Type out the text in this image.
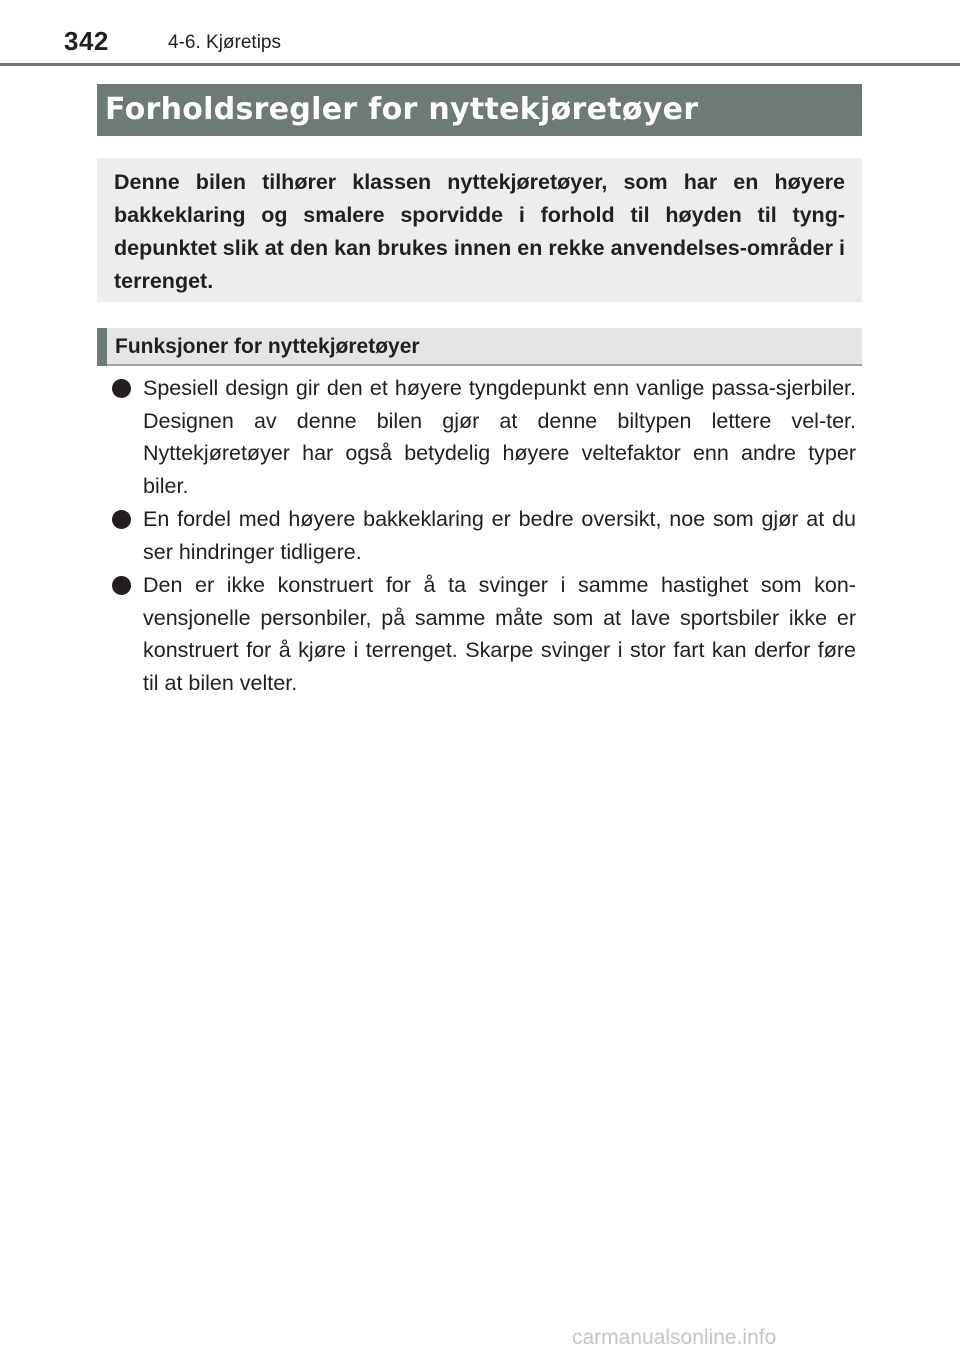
342	4-6. Kjøretips
Forholdsregler for nyttekjøretøyer

Denne bilen tilhører klassen nyttekjøretøyer, som har en høyere bakkeklaring og smalere sporvidde i forhold til høyden til tyng-depunktet slik at den kan brukes innen en rekke anvendelses-områder i terrenget.

Funksjoner for nyttekjøretøyer
Spesiell design gir den et høyere tyngdepunkt enn vanlige passa-sjerbiler. Designen av denne bilen gjør at denne biltypen lettere vel-ter. Nyttekjøretøyer har også betydelig høyere veltefaktor enn andre typer biler.
En fordel med høyere bakkeklaring er bedre oversikt, noe som gjør at du ser hindringer tidligere.
Den er ikke konstruert for å ta svinger i samme hastighet som kon-vensjonelle personbiler, på samme måte som at lave sportsbiler ikke er konstruert for å kjøre i terrenget. Skarpe svinger i stor fart kan derfor føre til at bilen velter.
carmanualsonline.info
